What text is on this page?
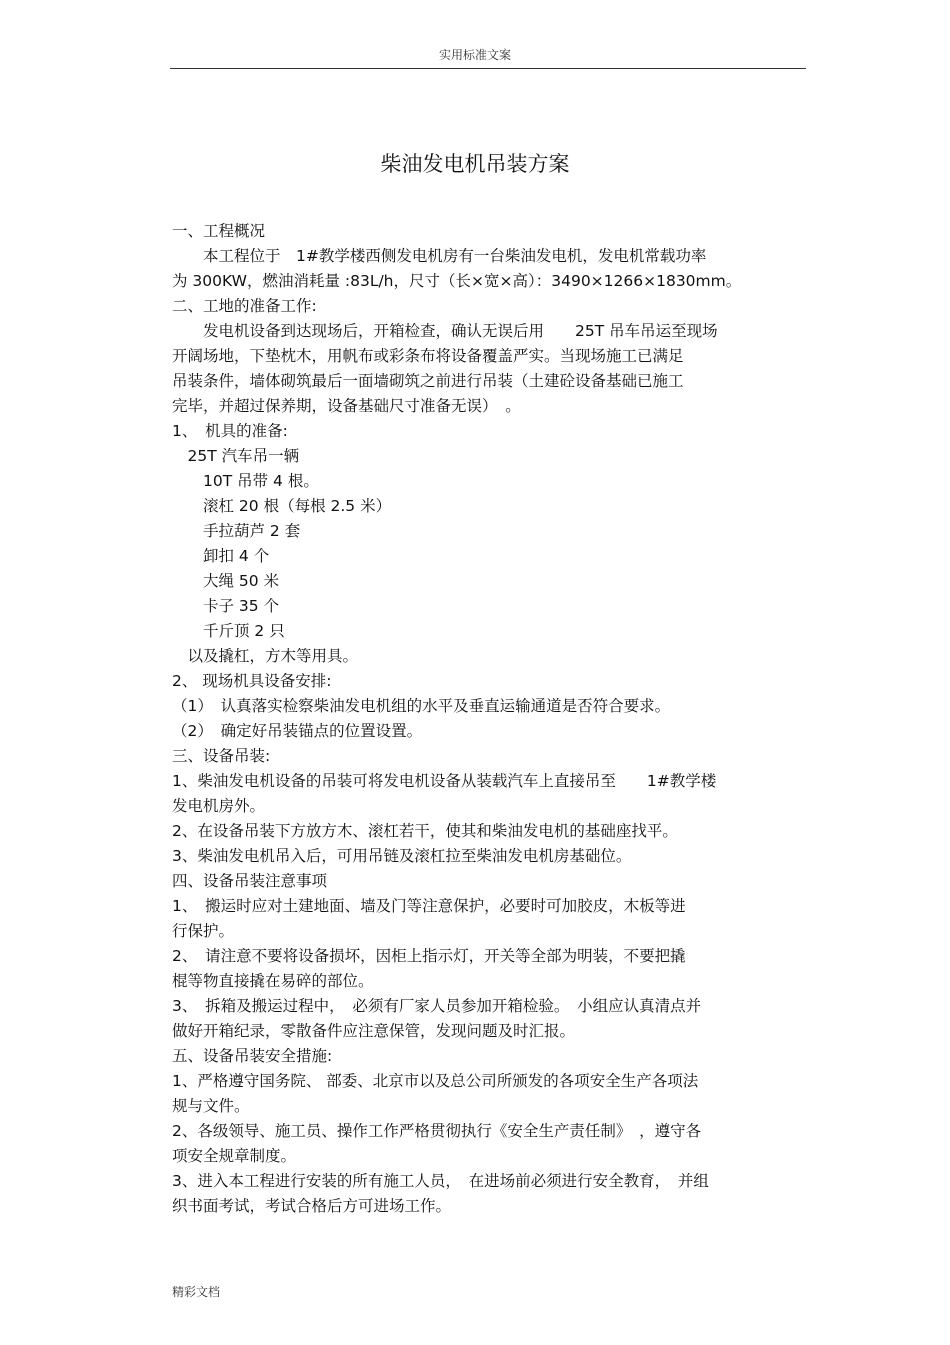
实用标准文案
柴油发电机吊装方案
一、工程概况
　　本工程位于　1#教学楼西侧发电机房有一台柴油发电机，发电机常载功率
为 300KW，燃油消耗量 :83L/h，尺寸（长×宽×高）：3490×1266×1830mm。
二、工地的准备工作:
　　发电机设备到达现场后，开箱检查，确认无误后用　　25T 吊车吊运至现场
开阔场地，下垫枕木，用帆布或彩条布将设备覆盖严实。当现场施工已满足
吊装条件，墙体砌筑最后一面墙砌筑之前进行吊装（土建砼设备基础已施工
完毕，并超过保养期，设备基础尺寸准备无误）　。
1、　机具的准备:
　25T 汽车吊一辆
　　10T 吊带 4 根。
　　滚杠 20 根（每根 2.5 米）
　　手拉葫芦 2 套
　　卸扣 4 个
　　大绳 50 米
　　卡子 35 个
　　千斤顶 2 只
　以及撬杠，方木等用具。
2、 现场机具设备安排:
（1）　认真落实检察柴油发电机组的水平及垂直运输通道是否符合要求。
（2）　确定好吊装锚点的位置设置。
三、设备吊装:
1、柴油发电机设备的吊装可将发电机设备从装载汽车上直接吊至　　1#教学楼
发电机房外。
2、在设备吊装下方放方木、滚杠若干，使其和柴油发电机的基础座找平。
3、柴油发电机吊入后，可用吊链及滚杠拉至柴油发电机房基础位。
四、设备吊装注意事项
1、　搬运时应对土建地面、墙及门等注意保护，必要时可加胶皮，木板等进
行保护。
2、　请注意不要将设备损坏，因柜上指示灯，开关等全部为明装，不要把撬
棍等物直接撬在易碎的部位。
3、　拆箱及搬运过程中，　必须有厂家人员参加开箱检验。　小组应认真清点并
做好开箱纪录，零散备件应注意保管，发现问题及时汇报。
五、设备吊装安全措施:
1、严格遵守国务院、 部委、北京市以及总公司所颁发的各项安全生产各项法
规与文件。
2、各级领导、施工员、操作工作严格贯彻执行《安全生产责任制》　，遵守各
项安全规章制度。
3、进入本工程进行安装的所有施工人员，　在进场前必须进行安全教育，　并组
织书面考试，考试合格后方可进场工作。
精彩文档
